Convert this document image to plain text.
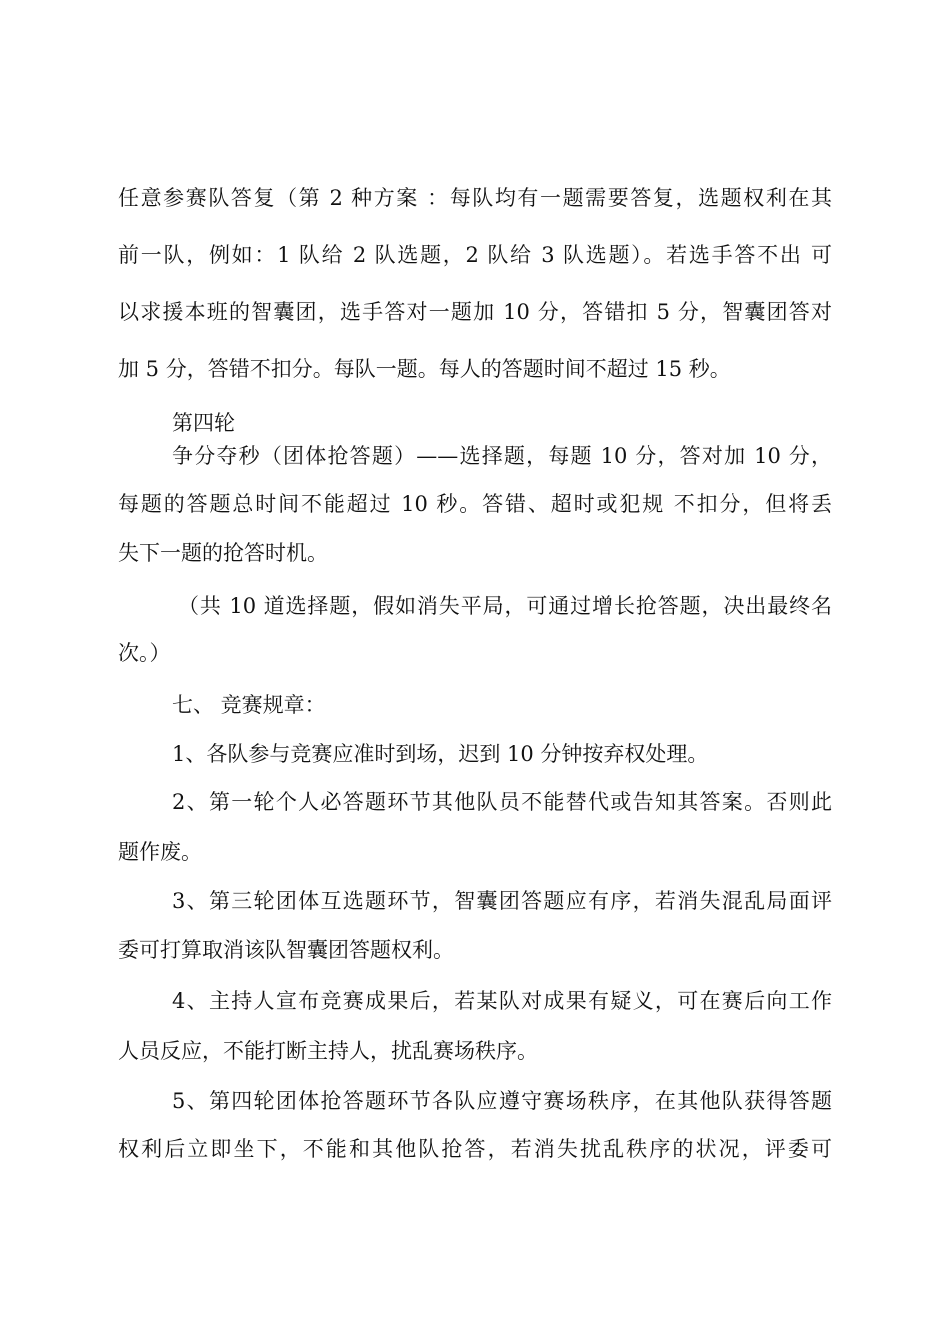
任意参赛队答复（第 2 种方案 ：每队均有一题需要答复，选题权利在其
前一队，例如：1 队给 2 队选题，2 队给 3 队选题）。若选手答不出 可
以求援本班的智囊团，选手答对一题加 10 分，答错扣 5 分，智囊团答对
加 5 分，答错不扣分。每队一题。每人的答题时间不超过 15 秒。
第四轮
争分夺秒（团体抢答题）——选择题，每题 10 分，答对加 10 分，
每题的答题总时间不能超过 10 秒。答错、超时或犯规 不扣分，但将丢
失下一题的抢答时机。
（共 10 道选择题，假如消失平局，可通过增长抢答题，决出最终名
次。）
七、 竞赛规章：
1、各队参与竞赛应准时到场，迟到 10 分钟按弃权处理。
2、第一轮个人必答题环节其他队员不能替代或告知其答案。否则此
题作废。
3、第三轮团体互选题环节，智囊团答题应有序，若消失混乱局面评
委可打算取消该队智囊团答题权利。
4、主持人宣布竞赛成果后，若某队对成果有疑义，可在赛后向工作
人员反应，不能打断主持人，扰乱赛场秩序。
5、第四轮团体抢答题环节各队应遵守赛场秩序，在其他队获得答题
权利后立即坐下，不能和其他队抢答，若消失扰乱秩序的状况，评委可
